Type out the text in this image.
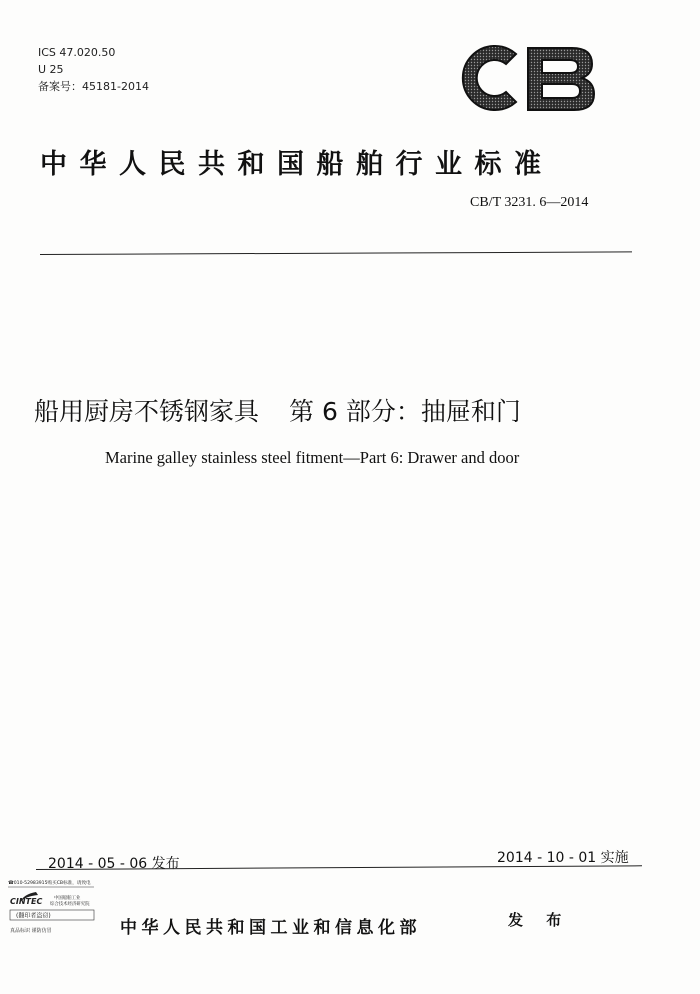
ICS 47.020.50
U 25
备案号：45181-2014
CB
中华人民共和国船舶行业标准
CB/T 3231. 6—2014
船用厨房不锈钢家具 第 6 部分：抽屉和门
Marine galley stainless steel fitment—Part 6: Drawer and door
2014 - 05 - 06 发布	2014 - 10 - 01 实施
☎010-52983915购买CB标准，请致电
CINTEC	中国船舶工业
综合技术经济研究院
(翻印者盗窃)
真品标识 谨防仿冒	中华人民共和国工业和信息化部	发 布
